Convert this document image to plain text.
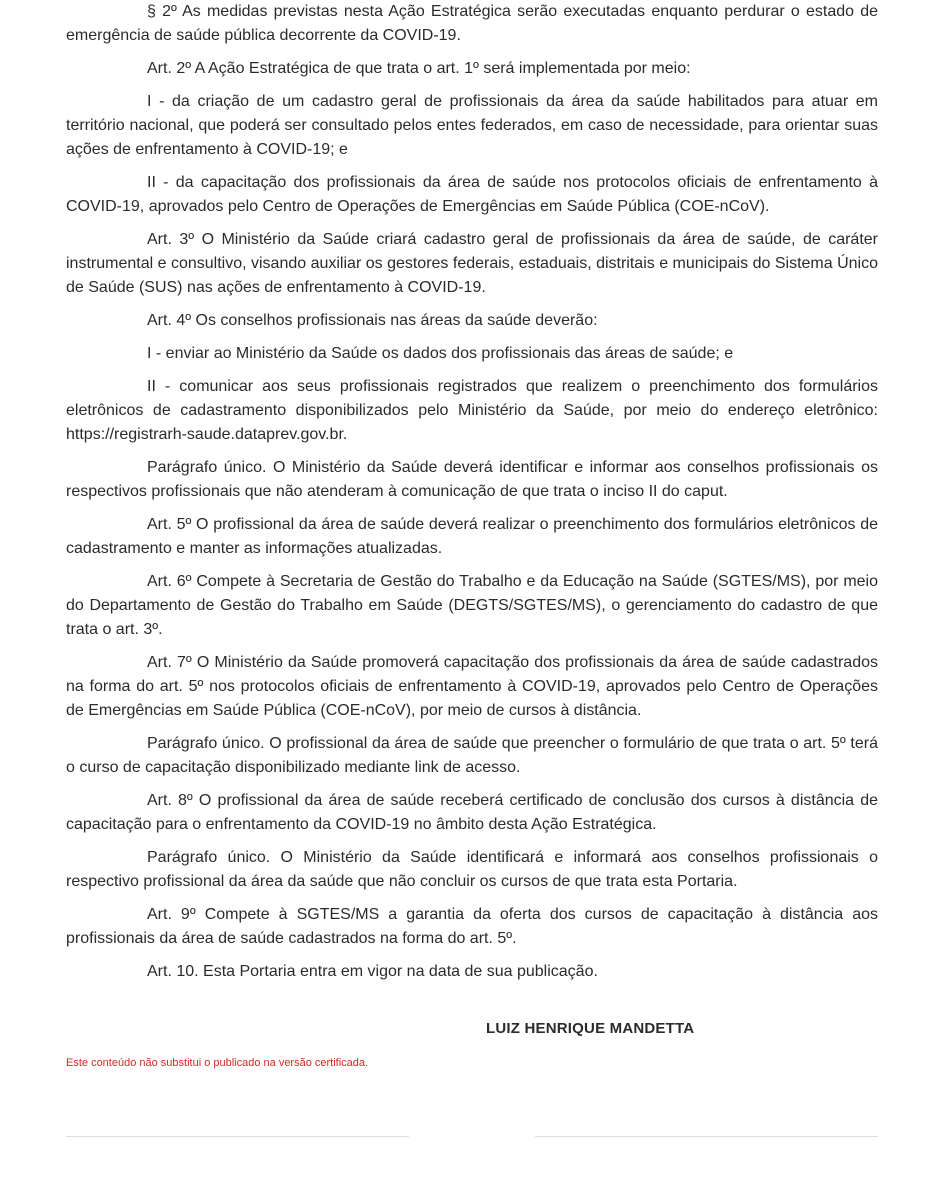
§ 2º As medidas previstas nesta Ação Estratégica serão executadas enquanto perdurar o estado de emergência de saúde pública decorrente da COVID-19.

Art. 2º A Ação Estratégica de que trata o art. 1º será implementada por meio:

I - da criação de um cadastro geral de profissionais da área da saúde habilitados para atuar em território nacional, que poderá ser consultado pelos entes federados, em caso de necessidade, para orientar suas ações de enfrentamento à COVID-19; e

II - da capacitação dos profissionais da área de saúde nos protocolos oficiais de enfrentamento à COVID-19, aprovados pelo Centro de Operações de Emergências em Saúde Pública (COE-nCoV).

Art. 3º O Ministério da Saúde criará cadastro geral de profissionais da área de saúde, de caráter instrumental e consultivo, visando auxiliar os gestores federais, estaduais, distritais e municipais do Sistema Único de Saúde (SUS) nas ações de enfrentamento à COVID-19.

Art. 4º Os conselhos profissionais nas áreas da saúde deverão:

I - enviar ao Ministério da Saúde os dados dos profissionais das áreas de saúde; e

II - comunicar aos seus profissionais registrados que realizem o preenchimento dos formulários eletrônicos de cadastramento disponibilizados pelo Ministério da Saúde, por meio do endereço eletrônico: https://registrarh-saude.dataprev.gov.br.

Parágrafo único. O Ministério da Saúde deverá identificar e informar aos conselhos profissionais os respectivos profissionais que não atenderam à comunicação de que trata o inciso II do caput.

Art. 5º O profissional da área de saúde deverá realizar o preenchimento dos formulários eletrônicos de cadastramento e manter as informações atualizadas.

Art. 6º Compete à Secretaria de Gestão do Trabalho e da Educação na Saúde (SGTES/MS), por meio do Departamento de Gestão do Trabalho em Saúde (DEGTS/SGTES/MS), o gerenciamento do cadastro de que trata o art. 3º.

Art. 7º O Ministério da Saúde promoverá capacitação dos profissionais da área de saúde cadastrados na forma do art. 5º nos protocolos oficiais de enfrentamento à COVID-19, aprovados pelo Centro de Operações de Emergências em Saúde Pública (COE-nCoV), por meio de cursos à distância.

Parágrafo único. O profissional da área de saúde que preencher o formulário de que trata o art. 5º terá o curso de capacitação disponibilizado mediante link de acesso.

Art. 8º O profissional da área de saúde receberá certificado de conclusão dos cursos à distância de capacitação para o enfrentamento da COVID-19 no âmbito desta Ação Estratégica.

Parágrafo único. O Ministério da Saúde identificará e informará aos conselhos profissionais o respectivo profissional da área da saúde que não concluir os cursos de que trata esta Portaria.

Art. 9º Compete à SGTES/MS a garantia da oferta dos cursos de capacitação à distância aos profissionais da área de saúde cadastrados na forma do art. 5º.

Art. 10. Esta Portaria entra em vigor na data de sua publicação.

LUIZ HENRIQUE MANDETTA
Este conteúdo não substitui o publicado na versão certificada.
